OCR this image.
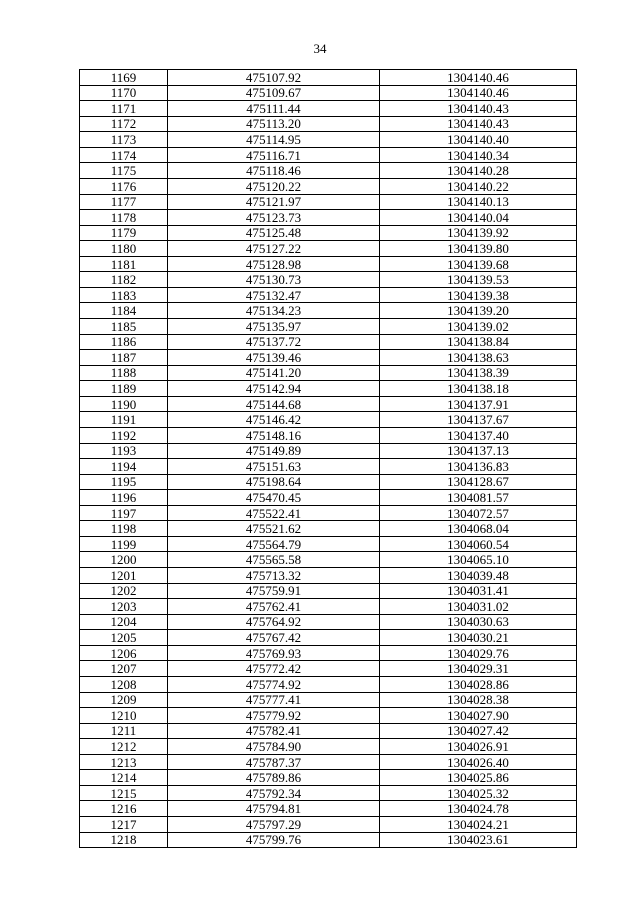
34
1169	475107.92	1304140.46
1170	475109.67	1304140.46
1171	475111.44	1304140.43
1172	475113.20	1304140.43
1173	475114.95	1304140.40
1174	475116.71	1304140.34
1175	475118.46	1304140.28
1176	475120.22	1304140.22
1177	475121.97	1304140.13
1178	475123.73	1304140.04
1179	475125.48	1304139.92
1180	475127.22	1304139.80
1181	475128.98	1304139.68
1182	475130.73	1304139.53
1183	475132.47	1304139.38
1184	475134.23	1304139.20
1185	475135.97	1304139.02
1186	475137.72	1304138.84
1187	475139.46	1304138.63
1188	475141.20	1304138.39
1189	475142.94	1304138.18
1190	475144.68	1304137.91
1191	475146.42	1304137.67
1192	475148.16	1304137.40
1193	475149.89	1304137.13
1194	475151.63	1304136.83
1195	475198.64	1304128.67
1196	475470.45	1304081.57
1197	475522.41	1304072.57
1198	475521.62	1304068.04
1199	475564.79	1304060.54
1200	475565.58	1304065.10
1201	475713.32	1304039.48
1202	475759.91	1304031.41
1203	475762.41	1304031.02
1204	475764.92	1304030.63
1205	475767.42	1304030.21
1206	475769.93	1304029.76
1207	475772.42	1304029.31
1208	475774.92	1304028.86
1209	475777.41	1304028.38
1210	475779.92	1304027.90
1211	475782.41	1304027.42
1212	475784.90	1304026.91
1213	475787.37	1304026.40
1214	475789.86	1304025.86
1215	475792.34	1304025.32
1216	475794.81	1304024.78
1217	475797.29	1304024.21
1218	475799.76	1304023.61
